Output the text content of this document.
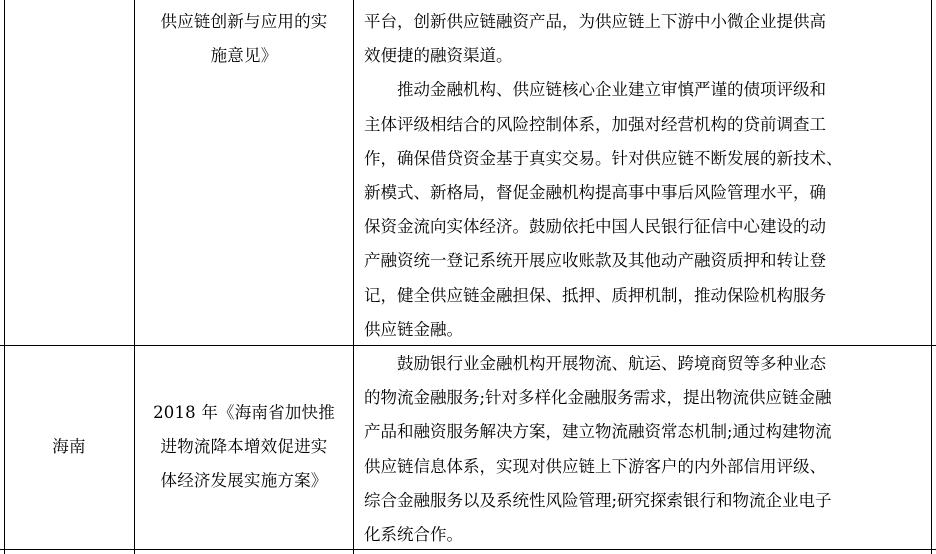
供应链创新与应用的实
施意见》
平台，创新供应链融资产品，为供应链上下游中小微企业提供高
效便捷的融资渠道。
　　推动金融机构、供应链核心企业建立审慎严谨的债项评级和
主体评级相结合的风险控制体系，加强对经营机构的贷前调查工
作，确保借贷资金基于真实交易。针对供应链不断发展的新技术、
新模式、新格局，督促金融机构提高事中事后风险管理水平，确
保资金流向实体经济。鼓励依托中国人民银行征信中心建设的动
产融资统一登记系统开展应收账款及其他动产融资质押和转让登
记，健全供应链金融担保、抵押、质押机制，推动保险机构服务
供应链金融。
海南
2018 年《海南省加快推
进物流降本增效促进实
体经济发展实施方案》
　　鼓励银行业金融机构开展物流、航运、跨境商贸等多种业态
的物流金融服务;针对多样化金融服务需求，提出物流供应链金融
产品和融资服务解决方案，建立物流融资常态机制;通过构建物流
供应链信息体系，实现对供应链上下游客户的内外部信用评级、
综合金融服务以及系统性风险管理;研究探索银行和物流企业电子
化系统合作。
